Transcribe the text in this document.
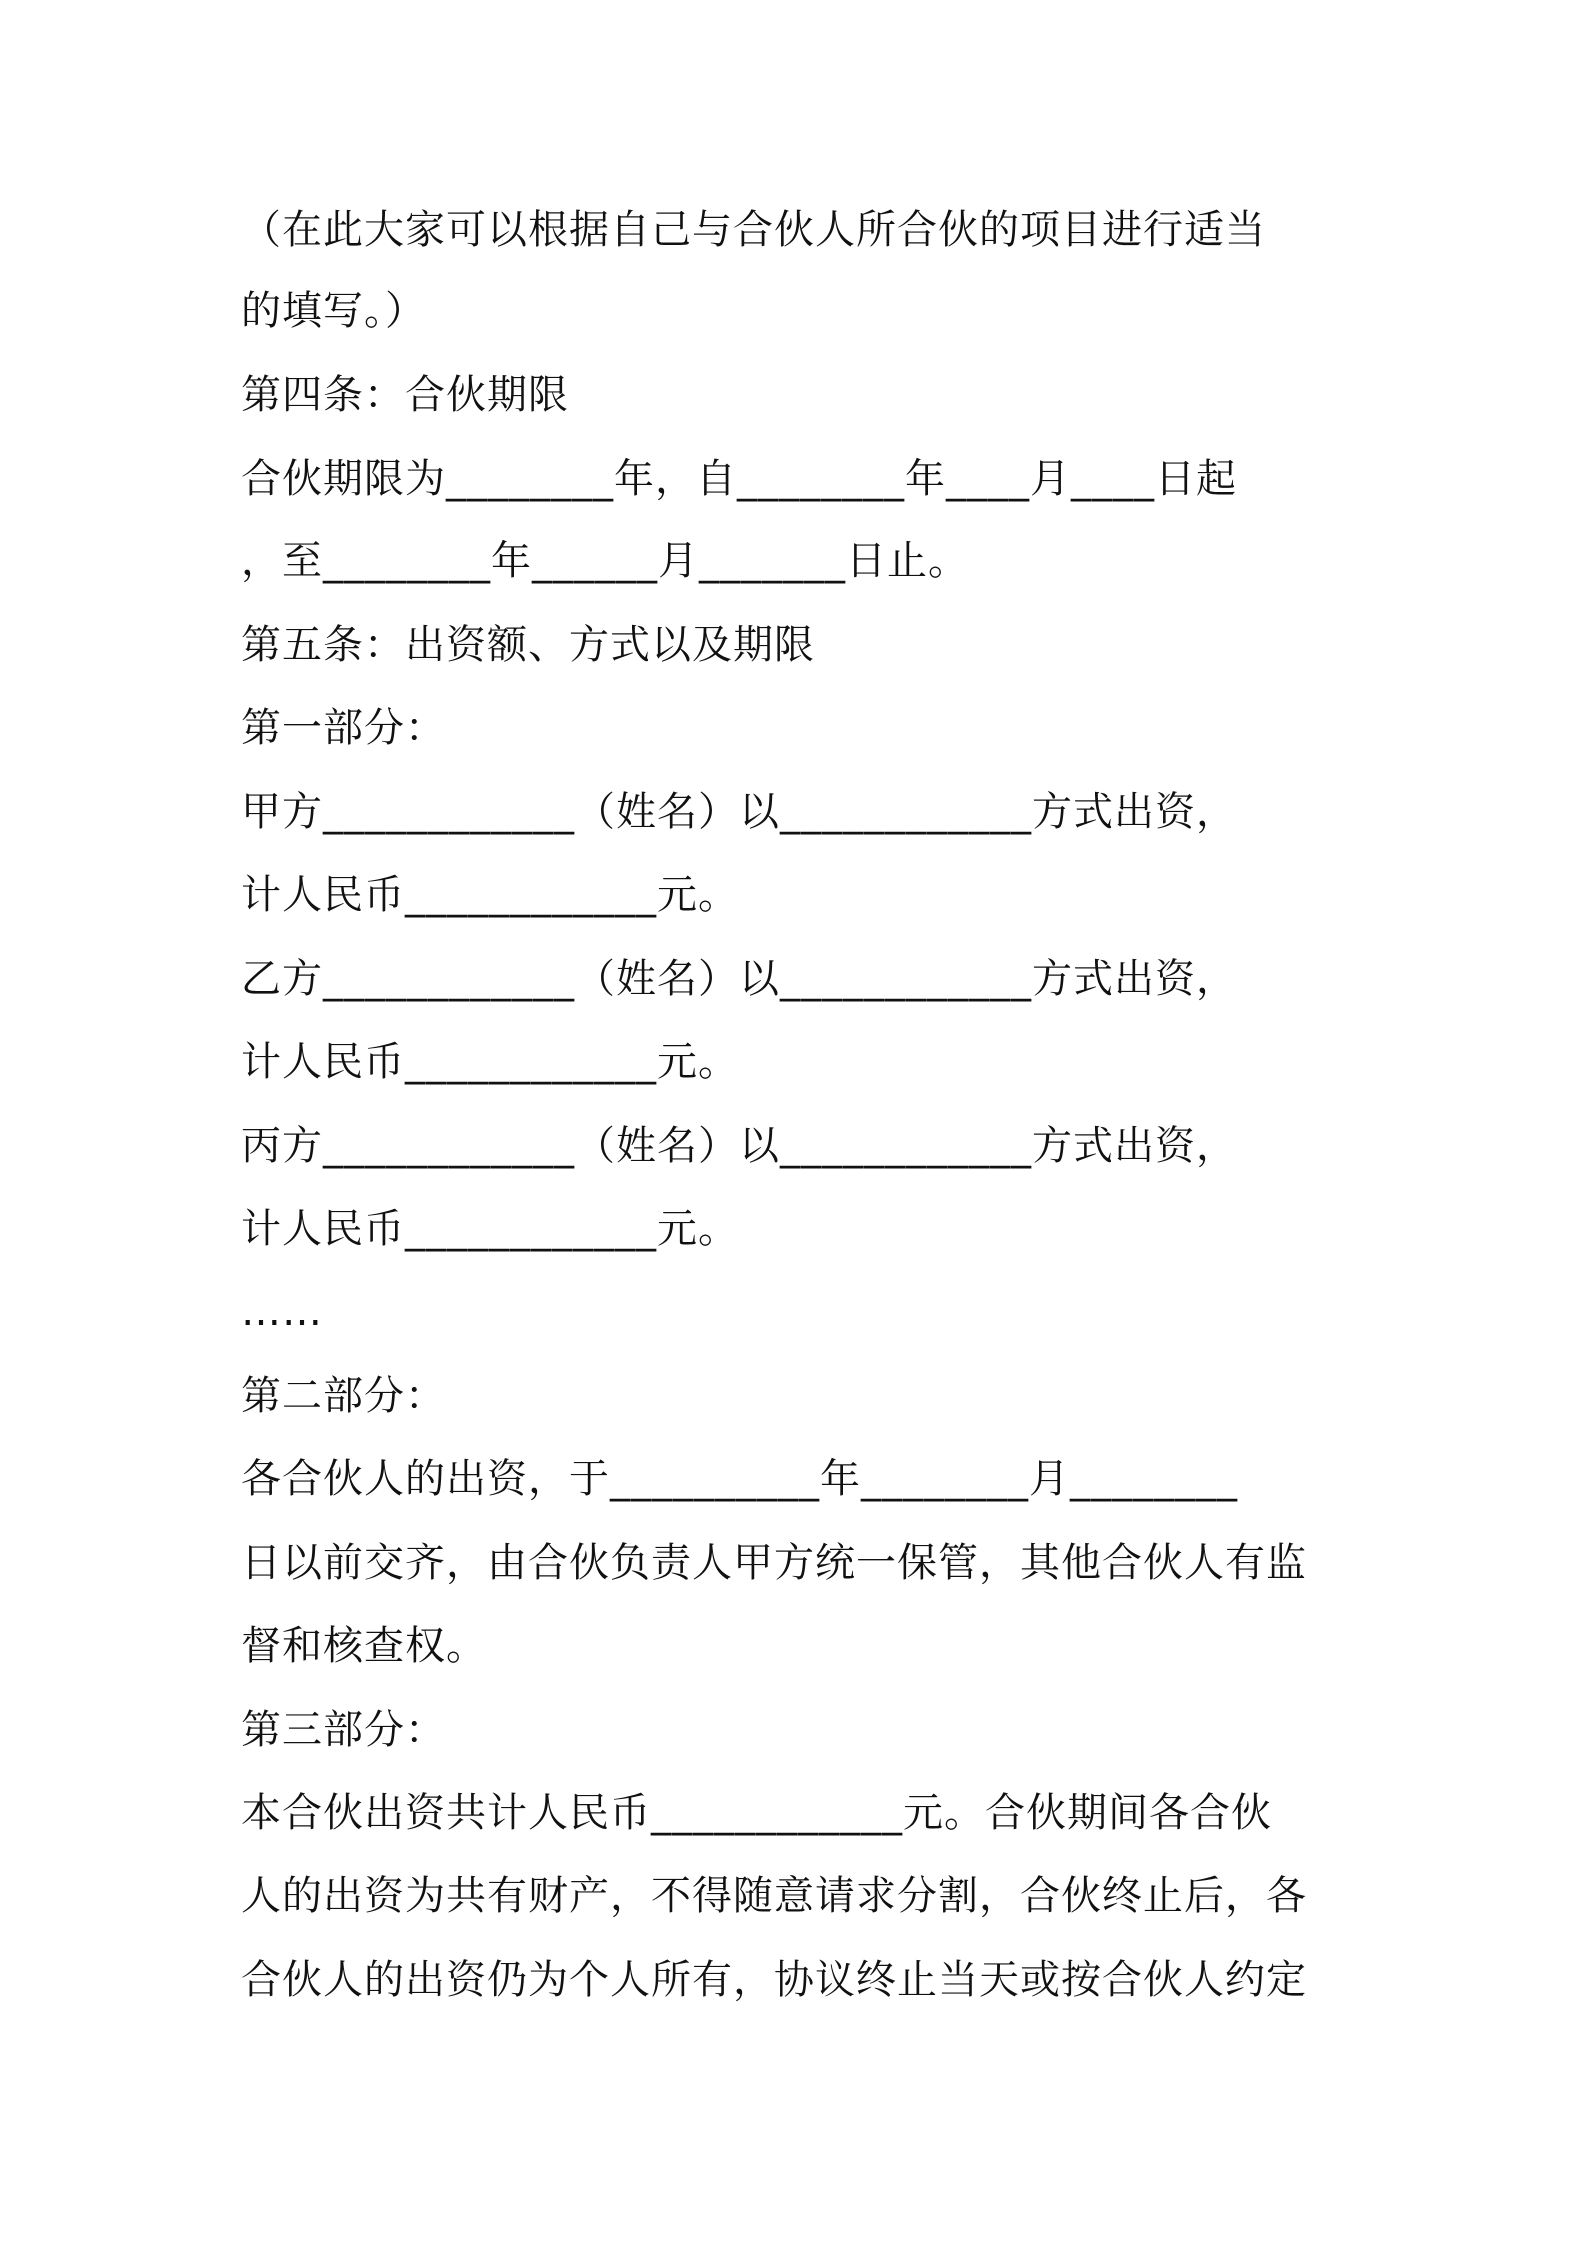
（在此大家可以根据自己与合伙人所合伙的项目进行适当
的填写。）
第四条：合伙期限
合伙期限为________年，自________年____月____日起
，至________年______月_______日止。
第五条：出资额、方式以及期限
第一部分：
甲方____________（姓名）以____________方式出资，
计人民币____________元。
乙方____________（姓名）以____________方式出资，
计人民币____________元。
丙方____________（姓名）以____________方式出资，
计人民币____________元。
……
第二部分：
各合伙人的出资，于__________年________月________
日以前交齐，由合伙负责人甲方统一保管，其他合伙人有监
督和核查权。
第三部分：
本合伙出资共计人民币____________元。合伙期间各合伙
人的出资为共有财产，不得随意请求分割，合伙终止后，各
合伙人的出资仍为个人所有，协议终止当天或按合伙人约定
